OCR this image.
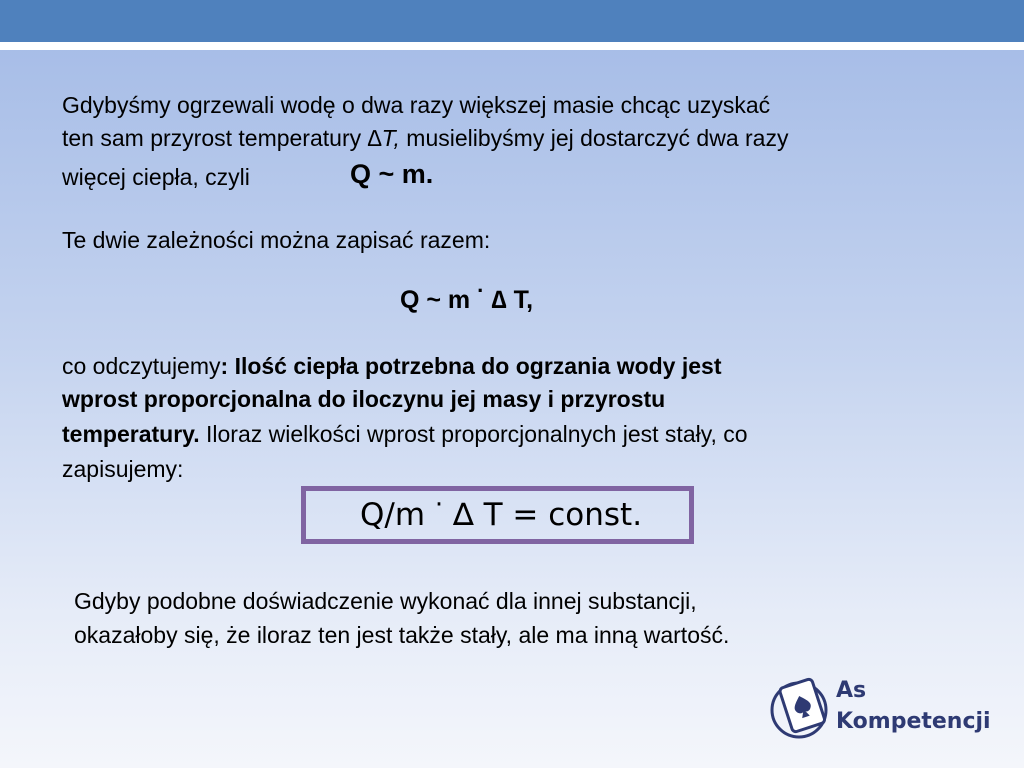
Gdybyśmy ogrzewali wodę o dwa razy większej masie chcąc uzyskać
ten sam przyrost temperatury ∆T, musielibyśmy jej dostarczyć dwa razy
więcej ciepła, czyli	Q ~ m.
Te dwie zależności można zapisać razem:
Q ~ m · ∆ T,
co odczytujemy: Ilość ciepła potrzebna do ogrzania wody jest
wprost proporcjonalna do iloczynu jej masy i przyrostu
temperatury. Iloraz wielkości wprost proporcjonalnych jest stały, co
zapisujemy:
Q/m · ∆ T = const.
Gdyby podobne doświadczenie wykonać dla innej substancji,
okazałoby się, że iloraz ten jest także stały, ale ma inną wartość.
As
Kompetencji
